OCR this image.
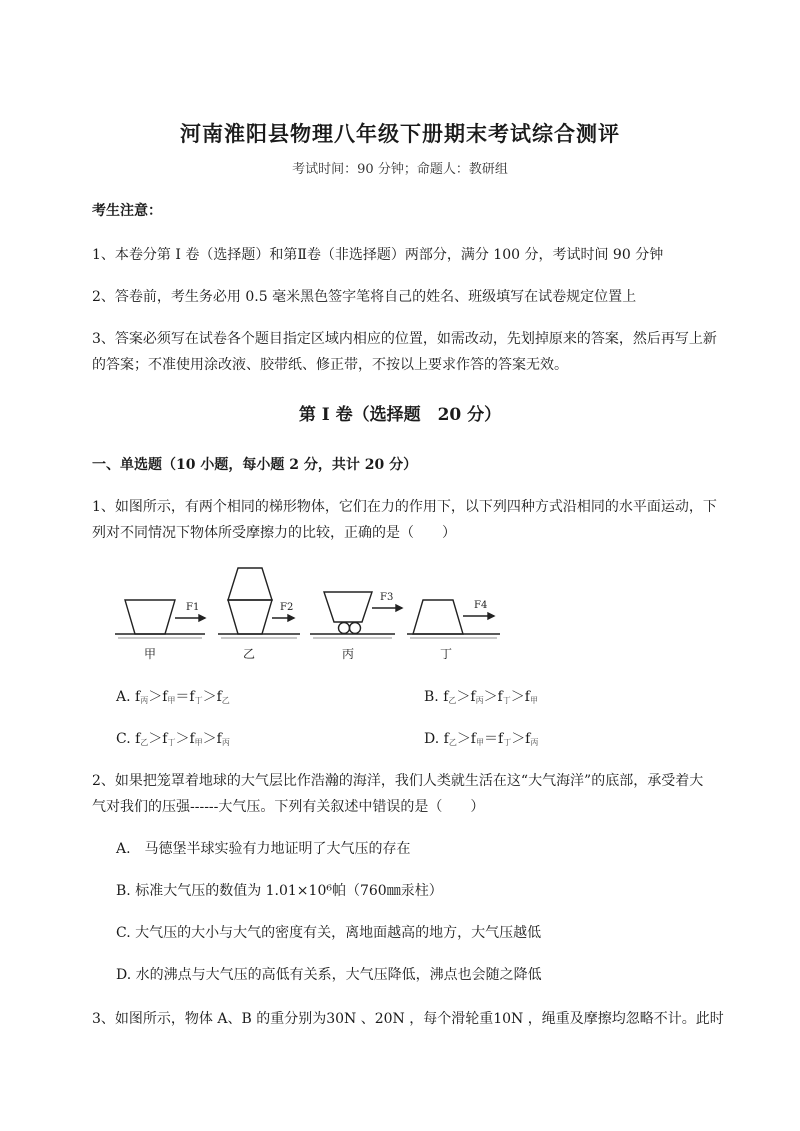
河南淮阳县物理八年级下册期末考试综合测评
考试时间：90 分钟；命题人：教研组
考生注意：
1、本卷分第 I 卷（选择题）和第Ⅱ卷（非选择题）两部分，满分 100 分，考试时间 90 分钟
2、答卷前，考生务必用 0.5 毫米黑色签字笔将自己的姓名、班级填写在试卷规定位置上
3、答案必须写在试卷各个题目指定区域内相应的位置，如需改动，先划掉原来的答案，然后再写上新
的答案；不准使用涂改液、胶带纸、修正带，不按以上要求作答的答案无效。
第 I 卷（选择题　20 分）
一、单选题（10 小题，每小题 2 分，共计 20 分）
1、如图所示，有两个相同的梯形物体，它们在力的作用下，以下列四种方式沿相同的水平面运动，下
列对不同情况下物体所受摩擦力的比较，正确的是（　　）
F1	F2
F3
F4
甲	乙	丙	丁
A. $f_丙>f_甲=f_丁>f_乙$	B. $f_乙>f_丙>f_丁>f_甲$
C. $f_乙>f_丁>f_甲>f_丙$	D. $f_乙>f_甲=f_丁>f_丙$
2、如果把笼罩着地球的大气层比作浩瀚的海洋，我们人类就生活在这“大气海洋”的底部，承受着大
气对我们的压强------大气压。下列有关叙述中错误的是（　　）
A.　马德堡半球实验有力地证明了大气压的存在
B. 标准大气压的数值为 1.01×10⁶帕（760㎜汞柱）
C. 大气压的大小与大气的密度有关，离地面越高的地方，大气压越低
D. 水的沸点与大气压的高低有关系，大气压降低，沸点也会随之降低
3、如图所示，物体 A、B 的重分别为30N 、20N ，每个滑轮重10N ，绳重及摩擦均忽略不计。此时
